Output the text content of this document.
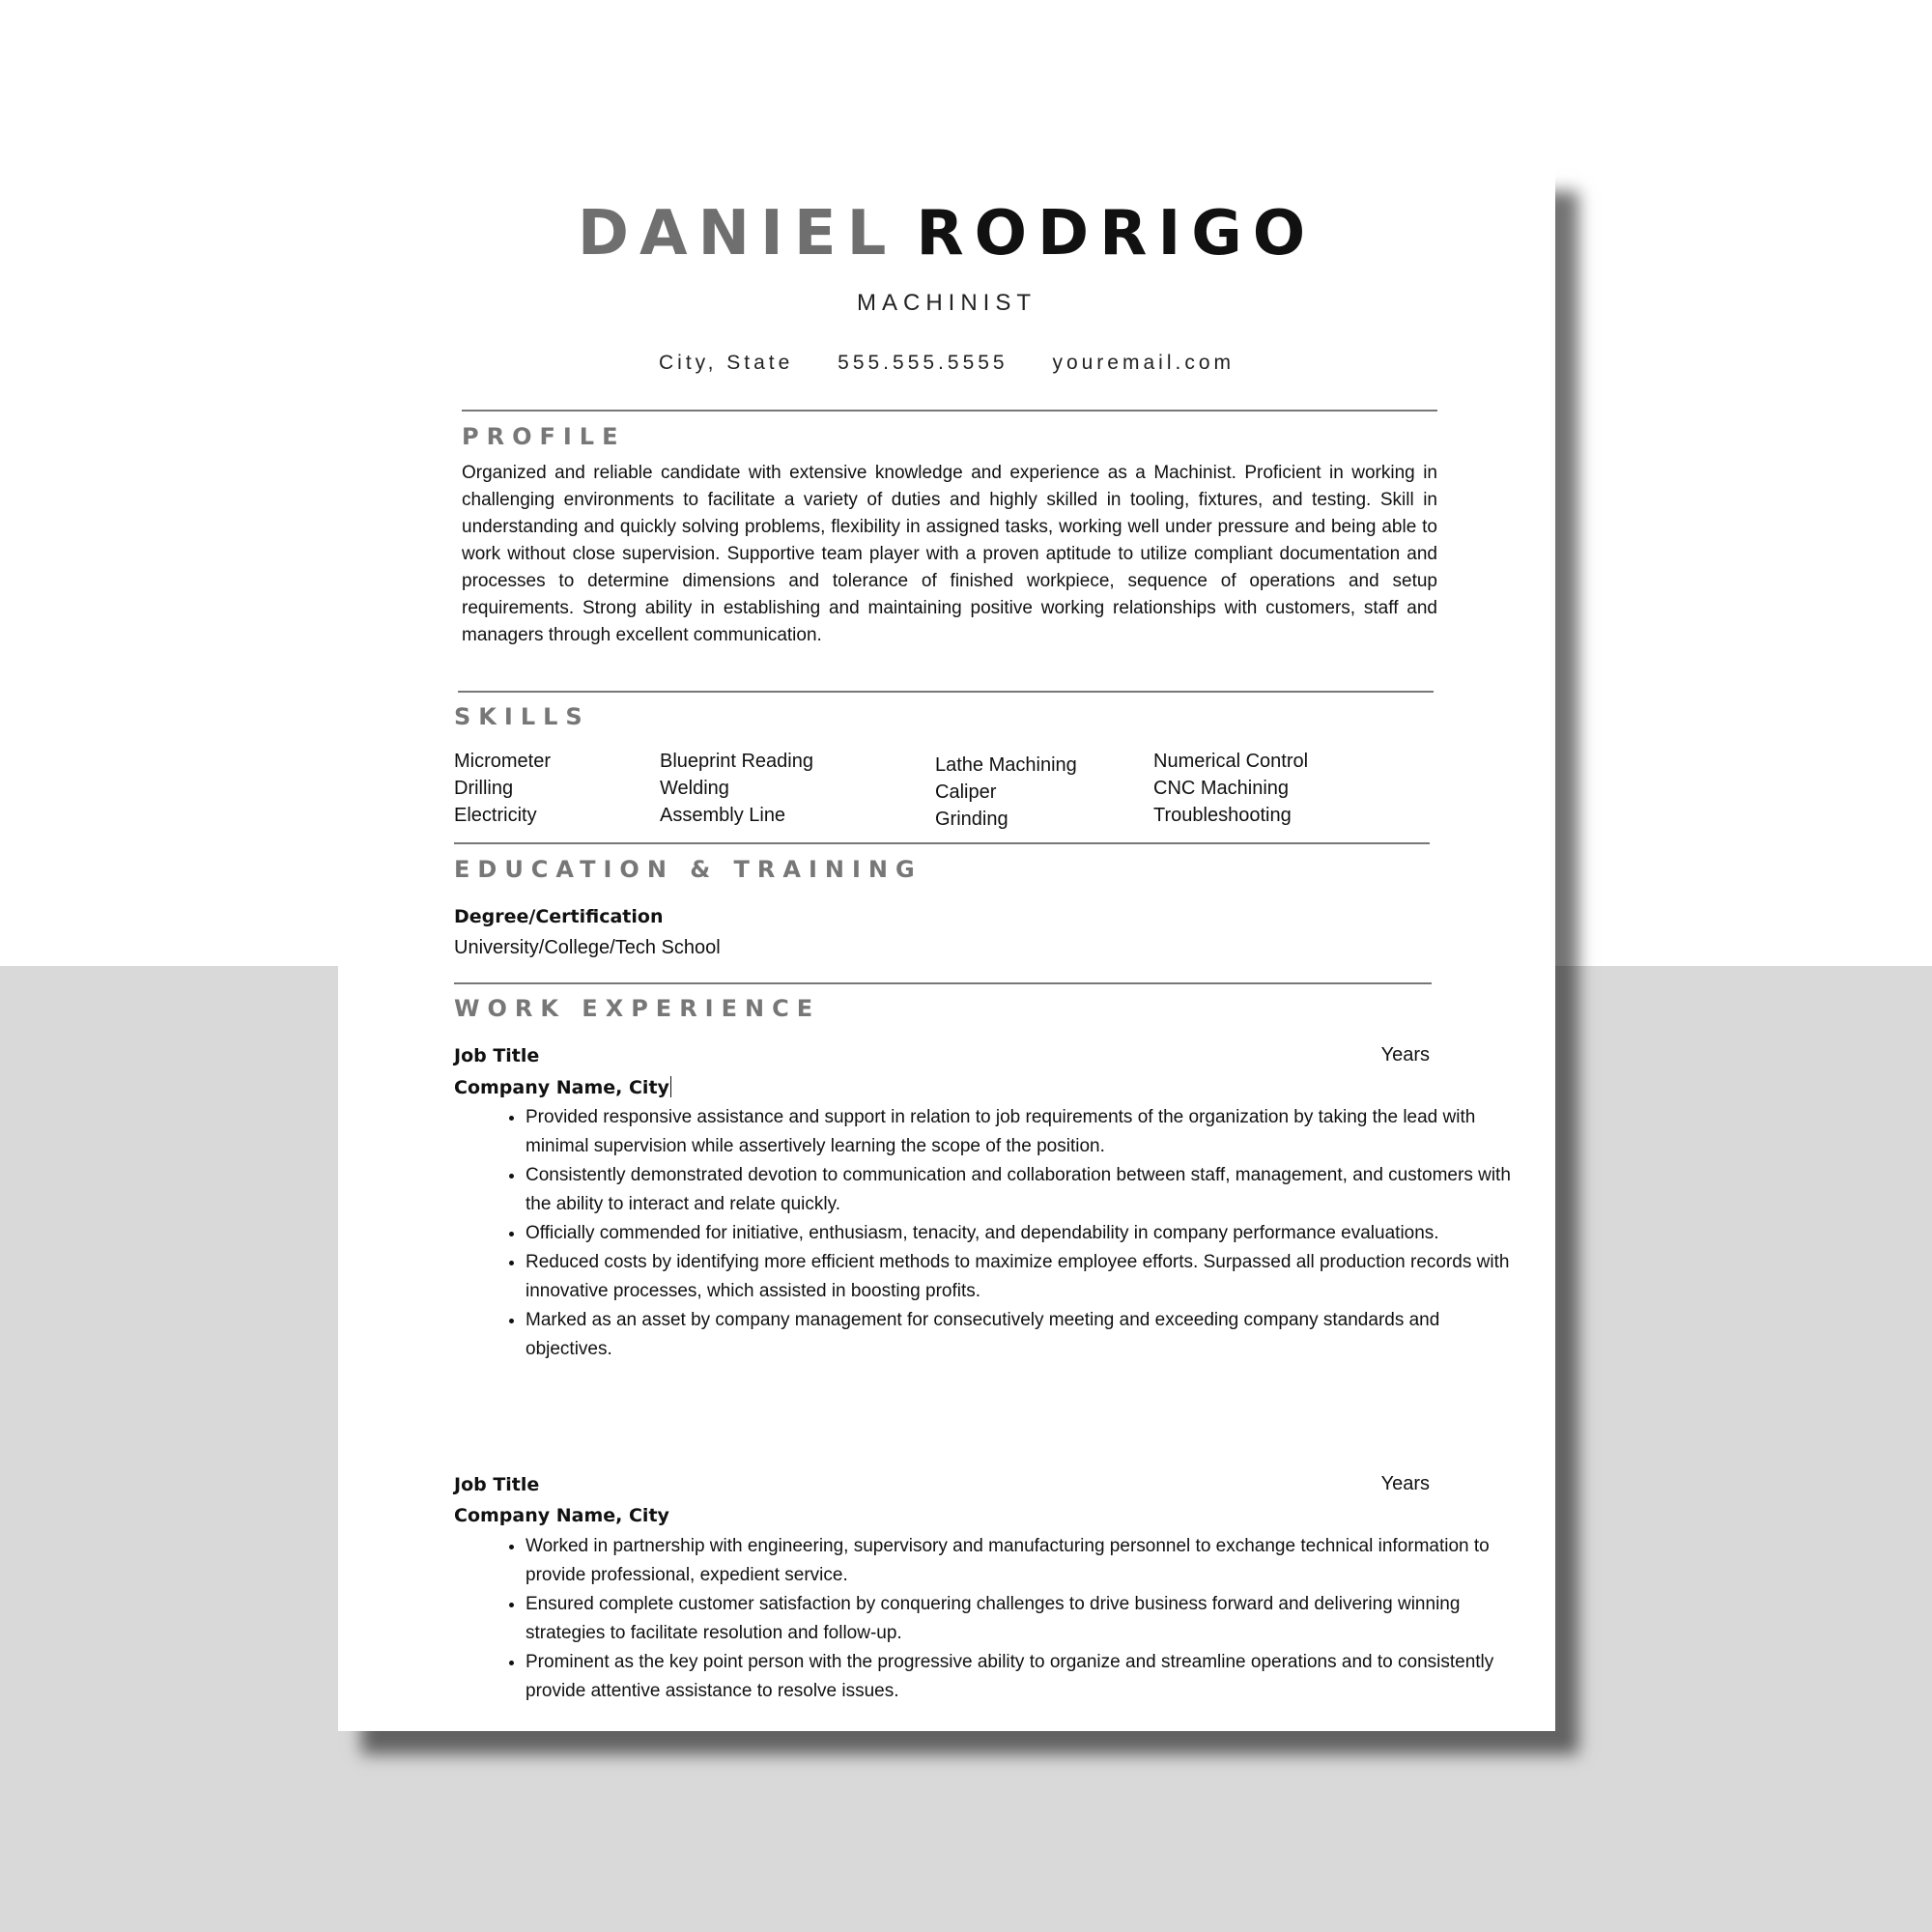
DANIEL RODRIGO
MACHINIST
City, State 555.555.5555 youremail.com
PROFILE
Organized and reliable candidate with extensive knowledge and experience as a Machinist. Proficient in working in challenging environments to facilitate a variety of duties and highly skilled in tooling, fixtures, and testing. Skill in understanding and quickly solving problems, flexibility in assigned tasks, working well under pressure and being able to work without close supervision. Supportive team player with a proven aptitude to utilize compliant documentation and processes to determine dimensions and tolerance of finished workpiece, sequence of operations and setup requirements. Strong ability in establishing and maintaining positive working relationships with customers, staff and managers through excellent communication.
SKILLS
Micrometer
Drilling
Electricity
Blueprint Reading
Welding
Assembly Line
Lathe Machining
Caliper
Grinding
Numerical Control
CNC Machining
Troubleshooting
EDUCATION & TRAINING
Degree/Certification
University/College/Tech School
WORK EXPERIENCE
Job Title	Years
Company Name, City
• Provided responsive assistance and support in relation to job requirements of the organization by taking the lead with minimal supervision while assertively learning the scope of the position.
• Consistently demonstrated devotion to communication and collaboration between staff, management, and customers with the ability to interact and relate quickly.
• Officially commended for initiative, enthusiasm, tenacity, and dependability in company performance evaluations.
• Reduced costs by identifying more efficient methods to maximize employee efforts. Surpassed all production records with innovative processes, which assisted in boosting profits.
• Marked as an asset by company management for consecutively meeting and exceeding company standards and objectives.
Job Title	Years
Company Name, City
• Worked in partnership with engineering, supervisory and manufacturing personnel to exchange technical information to provide professional, expedient service.
• Ensured complete customer satisfaction by conquering challenges to drive business forward and delivering winning strategies to facilitate resolution and follow-up.
• Prominent as the key point person with the progressive ability to organize and streamline operations and to consistently provide attentive assistance to resolve issues.
